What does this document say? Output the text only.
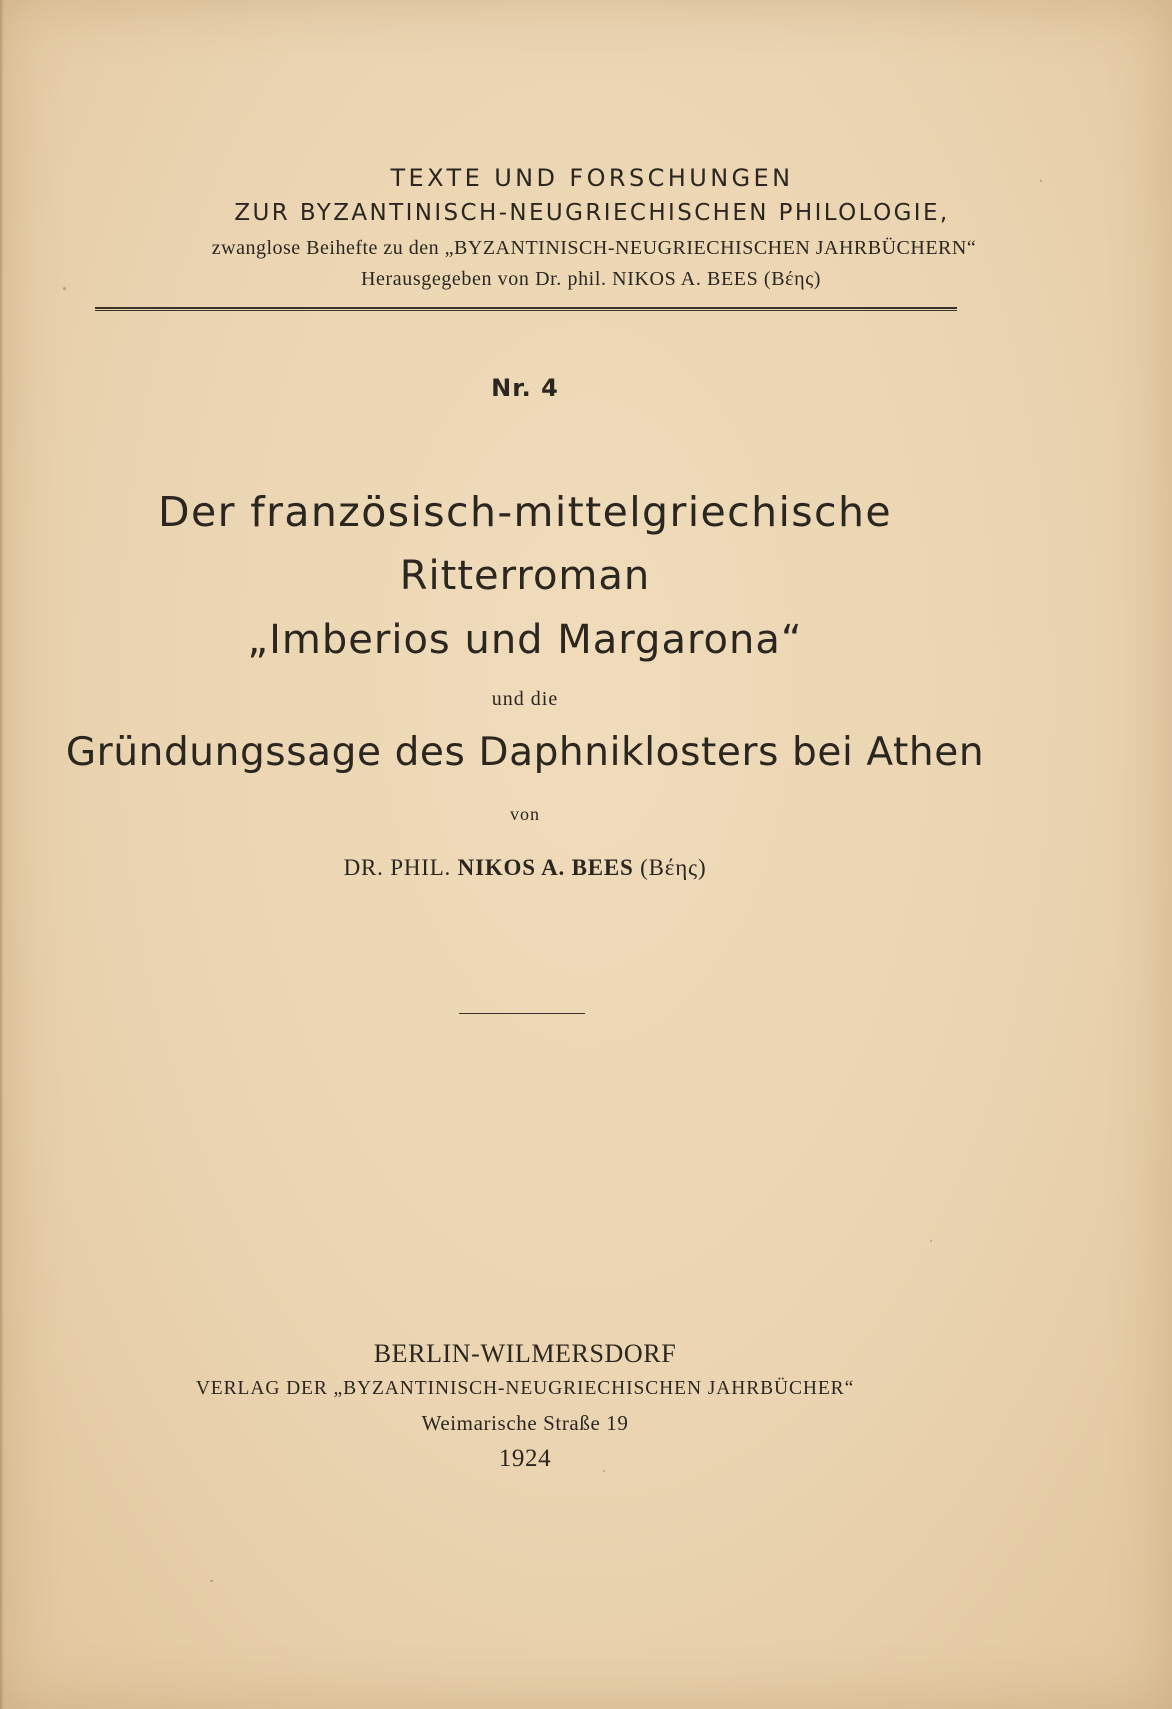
TEXTE UND FORSCHUNGEN
ZUR BYZANTINISCH-NEUGRIECHISCHEN PHILOLOGIE,
zwanglose Beihefte zu den „BYZANTINISCH-NEUGRIECHISCHEN JAHRBÜCHERN“
Herausgegeben von Dr. phil. NIKOS A. BEES (Βέης)
Nr. 4
Der französisch-mittelgriechische
Ritterroman
„Imberios und Margarona“
und die
Gründungssage des Daphniklosters bei Athen
von
DR. PHIL. NIKOS A. BEES (Βέης)
BERLIN-WILMERSDORF
VERLAG DER „BYZANTINISCH-NEUGRIECHISCHEN JAHRBÜCHER“
Weimarische Straße 19
1924
